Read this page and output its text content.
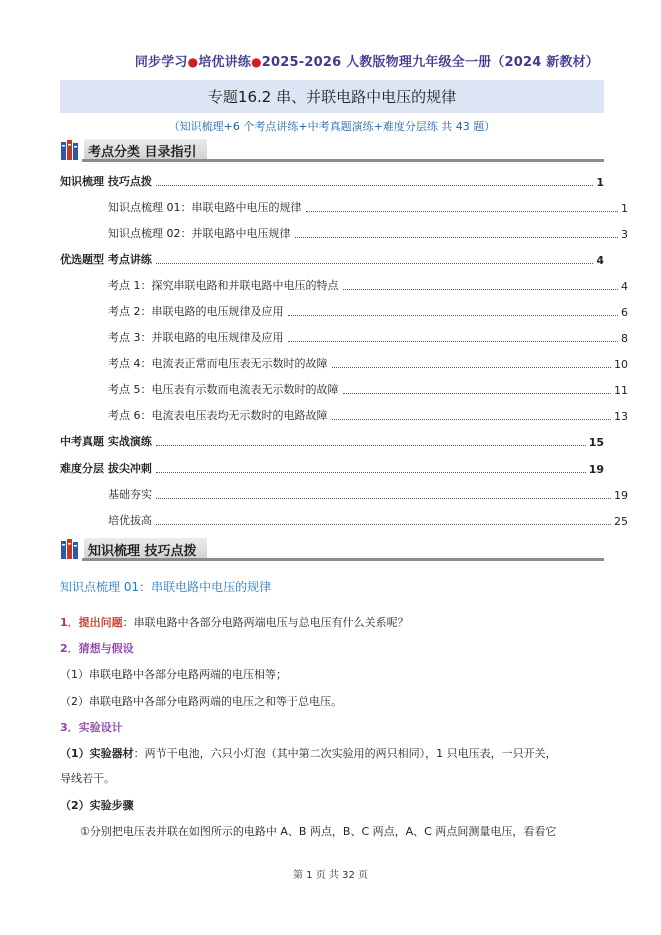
同步学习●培优讲练●2025-2026 人教版物理九年级全一册（2024 新教材）
专题16.2 串、并联电路中电压的规律
（知识梳理+6 个考点讲练+中考真题演练+难度分层练 共 43 题）
考点分类 目录指引
知识梳理 技巧点拨	1
知识点梳理 01：串联电路中电压的规律	1
知识点梳理 02：并联电路中电压规律	3
优选题型 考点讲练	4
考点 1：探究串联电路和并联电路中电压的特点	4
考点 2：串联电路的电压规律及应用	6
考点 3：并联电路的电压规律及应用	8
考点 4：电流表正常而电压表无示数时的故障	10
考点 5：电压表有示数而电流表无示数时的故障	11
考点 6：电流表电压表均无示数时的电路故障	13
中考真题 实战演练	15
难度分层 拔尖冲刺	19
基础夯实	19
培优拔高	25
知识梳理 技巧点拨
知识点梳理 01：串联电路中电压的规律
1．提出问题：串联电路中各部分电路两端电压与总电压有什么关系呢？
2．猜想与假设
（1）串联电路中各部分电路两端的电压相等；
（2）串联电路中各部分电路两端的电压之和等于总电压。
3．实验设计
（1）实验器材：两节干电池，六只小灯泡（其中第二次实验用的两只相同），1 只电压表，一只开关，
导线若干。
（2）实验步骤
①分别把电压表并联在如图所示的电路中 A、B 两点，B、C 两点，A、C 两点间测量电压，看看它
第 1 页 共 32 页
